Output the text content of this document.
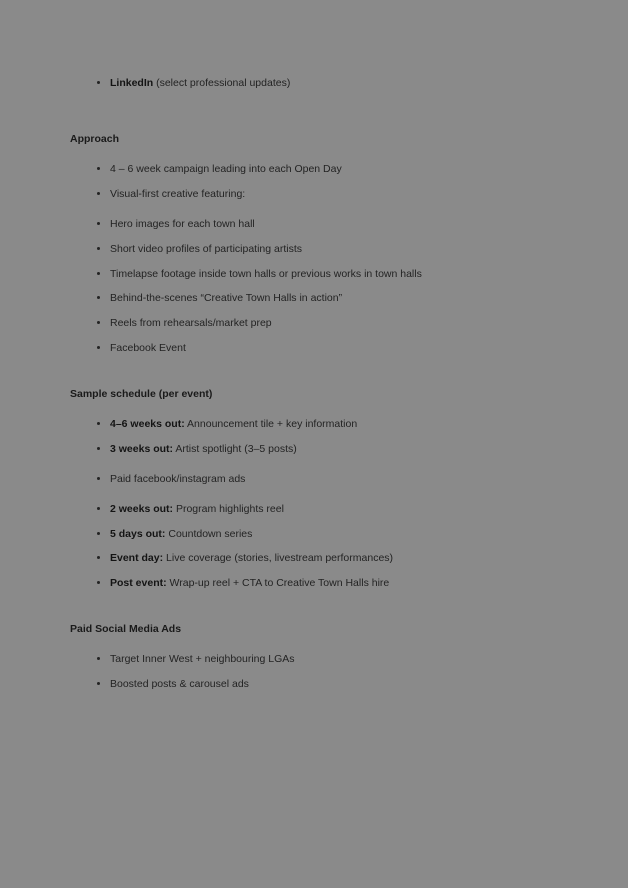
• LinkedIn (select professional updates)
Approach
• 4 – 6 week campaign leading into each Open Day
• Visual-first creative featuring:
• Hero images for each town hall
• Short video profiles of participating artists
• Timelapse footage inside town halls or previous works in town halls
• Behind-the-scenes “Creative Town Halls in action”
• Reels from rehearsals/market prep
• Facebook Event
Sample schedule (per event)
• 4–6 weeks out: Announcement tile + key information
• 3 weeks out: Artist spotlight (3–5 posts)
• Paid facebook/instagram ads
• 2 weeks out: Program highlights reel
• 5 days out: Countdown series
• Event day: Live coverage (stories, livestream performances)
• Post event: Wrap-up reel + CTA to Creative Town Halls hire
Paid Social Media Ads
• Target Inner West + neighbouring LGAs
• Boosted posts & carousel ads
